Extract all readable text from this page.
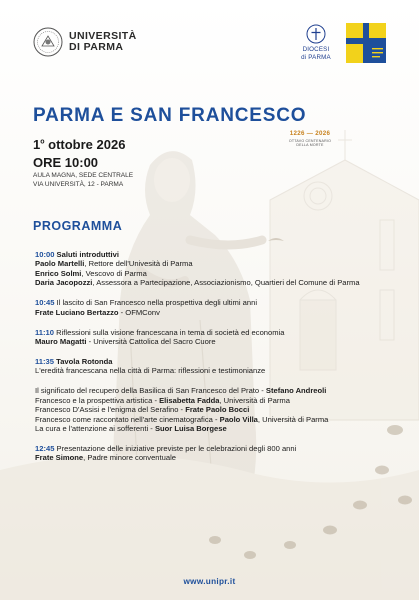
UNIVERSITÀ
DI PARMA	DIOCESI
di PARMA
PARMA E SAN FRANCESCO
1$^o$ ottobre 2026
ORE 10:00
AULA MAGNA, SEDE CENTRALE
VIA UNIVERSITÀ, 12 - PARMA
1226 — 2026
OTTAVO CENTENARIO
DELLA MORTE
PROGRAMMA
10:00 Saluti introduttivi
Paolo Martelli, Rettore dell'Univesità di Parma
Enrico Solmi, Vescovo di Parma
Daria Jacopozzi, Assessora a Partecipazione, Associazionismo, Quartieri del Comune di Parma
10:45 Il lascito di San Francesco nella prospettiva degli ultimi anni
Frate Luciano Bertazzo - OFMConv
11:10 Riflessioni sulla visione francescana in tema di società ed economia
Mauro Magatti - Università Cattolica del Sacro Cuore
11:35 Tavola Rotonda
L'eredità francescana nella città di Parma: riflessioni e testimonianze
Il significato del recupero della Basilica di San Francesco del Prato - Stefano Andreoli
Francesco e la prospettiva artistica - Elisabetta Fadda, Università di Parma
Francesco D'Assisi e l'enigma del Serafino - Frate Paolo Bocci
Francesco come raccontato nell'arte cinematografica - Paolo Villa, Università di Parma
La cura e l'attenzione ai sofferenti - Suor Luisa Borgese
12:45 Presentazione delle iniziative previste per le celebrazioni degli 800 anni
Frate Simone, Padre minore conventuale
www.unipr.it
